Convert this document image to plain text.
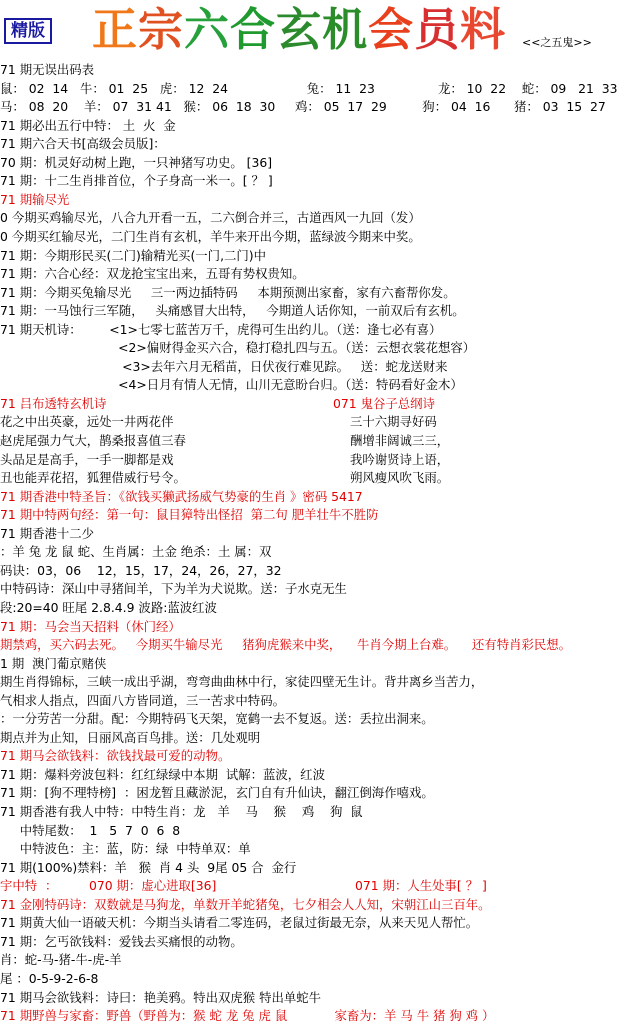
精版 正宗六合玄机会员料 <<之五鬼>>
71 期无误出码表
鼠： 02  14   牛： 01  25   虎： 12  24                    兔： 11  23                龙： 10  22    蛇： 09   21  33
马： 08  20    羊： 07  31 41   猴： 06  18  30     鸡： 05  17  29         狗： 04  16      猪： 03  15  27
71 期必出五行中特： 土  火  金
71 期六合天书[高级会员版]：
70 期：机灵好动树上跑，一只神猪写功史。 [36]
71 期：十二生肖排首位，个子身高一米一。[ ？ ]
71 期输尽光
0 今期买鸡输尽光，八合九开看一五，二六倒合并三，古道西风一九回（发）
0 今期买红输尽光，二门生肖有玄机，羊牛来开出今期，蓝绿波今期来中奖。
71 期：今期形民买(二门)输精光买(一门,二门)中
71 期：六合心经：双龙抢宝宝出来，五哥有势权贵知。
71 期：今期买兔输尽光     三一两边插特码     本期预测出家畜，家有六畜帮你发。
71 期：一马蚀行三军随，   头痛感冒大出特，   今期道人话你知，一前双后有玄机。
71 期天机诗：       <1>七零七蓝苦万千，虎得可生出约儿。（送：逢七必有喜）
<2>偏财得金买六合，稳打稳扎四与五。（送：云想衣裳花想容）
<3>去年六月无稻苗，日伏夜行难见踪。   送：蛇龙送财来
<4>日月有情人无情，山川无意盼台归。（送：特码看好金木）
71 吕布透特玄机诗	071 鬼谷子总纲诗
花之中出英豪，远处一井两花伴	三十六期寻好码
赵虎尾强力气大，鹊桑报喜值三春	酬增非阔诚三三，
头品足是高手，一手一脚都是戏	我吟谢贤诗上语，
丑也能弄花招，狐狸借威行号令。	朔风瘦风吹飞雨。
71 期香港中特圣旨：《欲钱买獭武扬威气势豪的生肖 》密码 5417
71 期中特两句经：第一句：鼠目獐特出怪招  第二句 肥羊壮牛不胜防
71 期香港十二少
：羊 兔 龙 鼠 蛇、生肖属：土金 绝杀：土 属：双
码诀：03，06    12，15，17，24，26，27，32
中特码诗：深山中寻猪间羊，下为羊为犬说欺。送：子水克无生
段:20=40 旺尾 2.8.4.9 波路:蓝波红波
71 期：马会当天招料（休门经）
期禁鸡，买六码去死。   今期买牛输尽光     猪狗虎猴来中奖，    牛肖今期上台难。    还有特肖彩民想。
1 期  澳门葡京赌侠
期生肖得锦标，三峡一成出乎湖，弯弯曲曲林中行，家徒四壁无生计。背井离乡当苦力，
气相求人指点，四面八方皆同道，三一苦求中特码。
：一分劳苦一分甜。配：今期特码飞天架，宽鹤一去不复返。送：丢拉出洞来。
期点并为止知，日丽风高百鸟排。送：几处观明
71 期马会欲钱料：欲钱找最可爱的动物。
71 期：爆料旁波包料：红红绿绿中本期  试解：蓝波，红波
71 期：[狗不理特榜]  ：困龙暂且藏淤泥，玄门自有升仙诀，翻江倒海作嘻戏。
71 期香港有我人中特：中特生肖：龙   羊    马    猴    鸡    狗  鼠
中特尾数：  1   5  7  0  6  8
中特波色：主：蓝，防：绿  中特单双：单
71 期(100%)禁料：羊   猴  肖 4 头  9尾 05 合  金行
宇中特  ：        070 期：虚心进取[36] 071 期：人生处事[ ？ ]
71 金刚特码诗：双数就是马狗龙，单数开羊蛇猪兔，七夕相会人人知，宋朝江山三百年。
71 期黄大仙一语破天机：今期当头请看二零连码，老鼠过街最无奈，从来天见人帮忙。
71 期：乞丐欲钱料：爱钱去买痛恨的动物。
肖：蛇-马-猪-牛-虎-羊
尾 ：0-5-9-2-6-8
71 期马会欲钱料：诗曰：艳美鸦。特出双虎猴 特出单蛇牛
71 期野兽与家畜：野兽（野兽为：猴 蛇 龙 兔 虎 鼠            家畜为：羊 马 牛 猪 狗 鸡 ）
